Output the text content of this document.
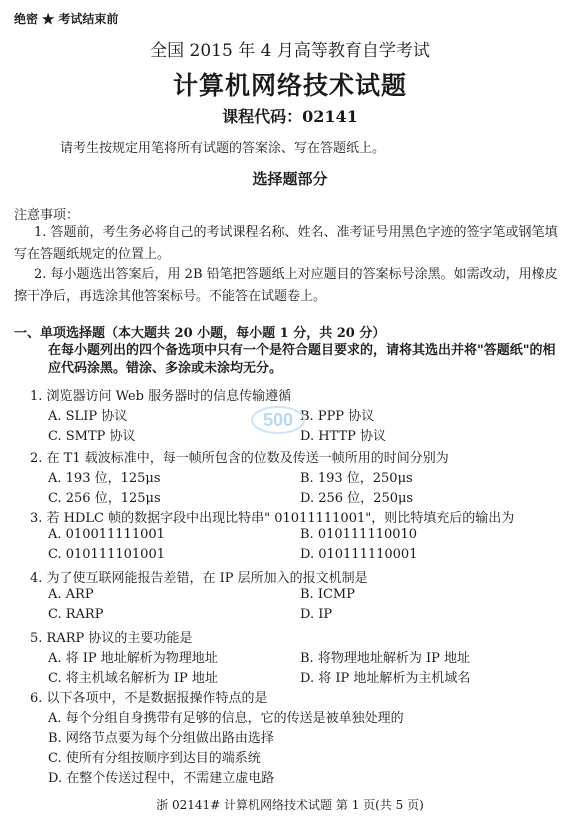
绝密 ★ 考试结束前
全国 2015 年 4 月高等教育自学考试
计算机网络技术试题
课程代码：02141
请考生按规定用笔将所有试题的答案涂、写在答题纸上。
选择题部分
注意事项：
1. 答题前，考生务必将自己的考试课程名称、姓名、准考证号用黑色字迹的签字笔或钢笔填写在答题纸规定的位置上。
2. 每小题选出答案后，用 2B 铅笔把答题纸上对应题目的答案标号涂黑。如需改动，用橡皮擦干净后，再选涂其他答案标号。不能答在试题卷上。
一、单项选择题（本大题共 20 小题，每小题 1 分，共 20 分）
在每小题列出的四个备选项中只有一个是符合题目要求的，请将其选出并将"答题纸"的相应代码涂黑。错涂、多涂或未涂均无分。
1. 浏览器访问 Web 服务器时的信息传输遵循
A. SLIP 协议	B. PPP 协议
C. SMTP 协议	D. HTTP 协议
500
2. 在 T1 载波标准中，每一帧所包含的位数及传送一帧所用的时间分别为
A. 193 位，125μs	B. 193 位，250μs
C. 256 位，125μs	D. 256 位，250μs
3. 若 HDLC 帧的数据字段中出现比特串" 01011111001"，则比特填充后的输出为
A. 010011111001	B. 010111110010
C. 010111101001	D. 010111110001
4. 为了使互联网能报告差错，在 IP 层所加入的报文机制是
A. ARP	B. ICMP
C. RARP	D. IP
5. RARP 协议的主要功能是
A. 将 IP 地址解析为物理地址	B. 将物理地址解析为 IP 地址
C. 将主机域名解析为 IP 地址	D. 将 IP 地址解析为主机域名
6. 以下各项中，不是数据报操作特点的是
A. 每个分组自身携带有足够的信息，它的传送是被单独处理的
B. 网络节点要为每个分组做出路由选择
C. 使所有分组按顺序到达目的端系统
D. 在整个传送过程中，不需建立虚电路
浙 02141# 计算机网络技术试题 第 1 页(共 5 页)
